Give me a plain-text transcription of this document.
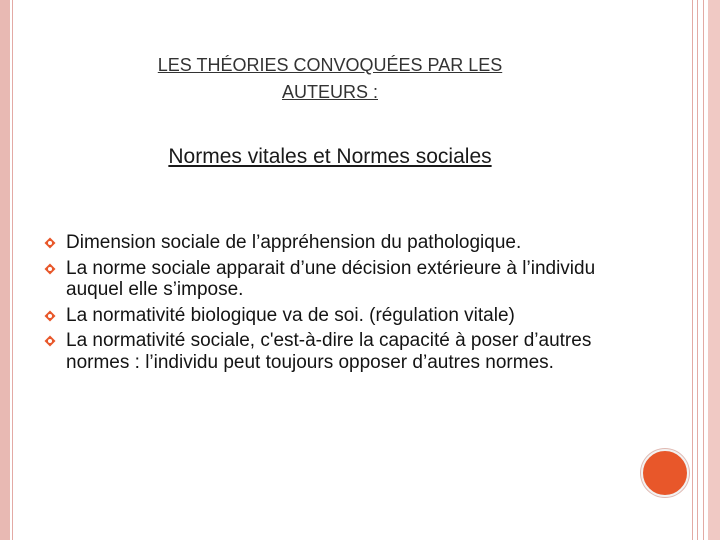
LES THÉORIES CONVOQUÉES PAR LES
AUTEURS :
Normes vitales et Normes sociales
Dimension sociale de l’appréhension du pathologique.
La norme sociale apparait d’une décision extérieure à l’individu auquel elle s’impose.
La normativité biologique va de soi. (régulation vitale)
La normativité sociale, c'est-à-dire la capacité à poser d’autres normes : l’individu peut toujours opposer d’autres normes.
